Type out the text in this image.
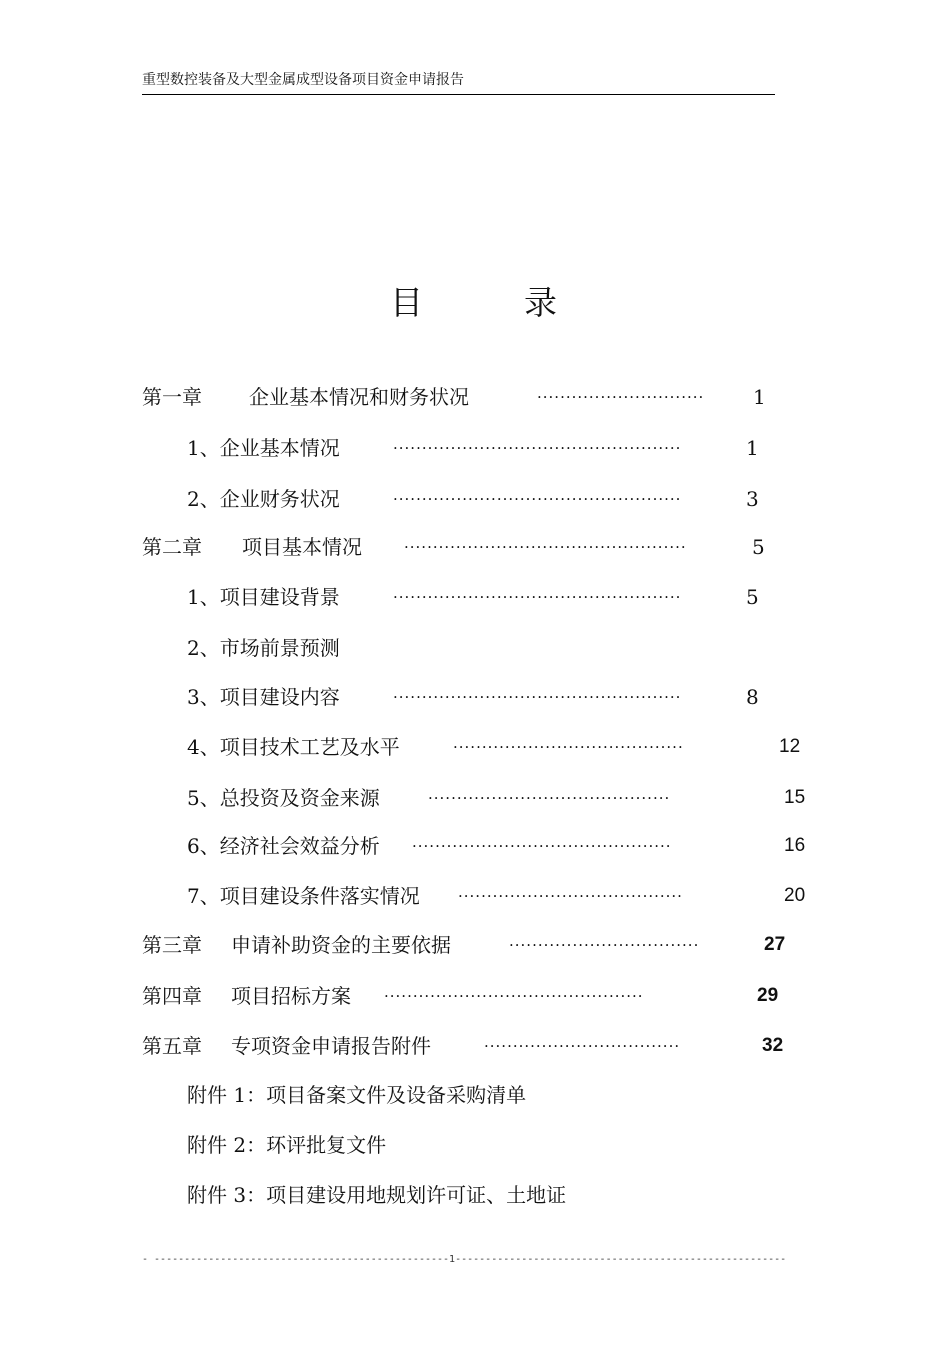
重型数控装备及大型金属成型设备项目资金申请报告
目	录
第一章 企业基本情况和财务状况	····························· 1
1、企业基本情况	··················································	1
2、企业财务状况	··················································	3
第二章 项目基本情况	·················································	5
1、项目建设背景	··················································	5
2、市场前景预测
3、项目建设内容	··················································	8
4、项目技术工艺及水平	········································	12
5、总投资及资金来源	··········································	15
6、经济社会效益分析 ·············································	16
7、项目建设条件落实情况	·······································	20
第三章 申请补助资金的主要依据	·································	27
第四章 项目招标方案 ·············································	29
第五章 专项资金申请报告附件	··································	32
附件 1：项目备案文件及设备采购清单
附件 2：环评批复文件
附件 3：项目建设用地规划许可证、土地证
- -------------------------------------------------1-------------------------------------------------------
